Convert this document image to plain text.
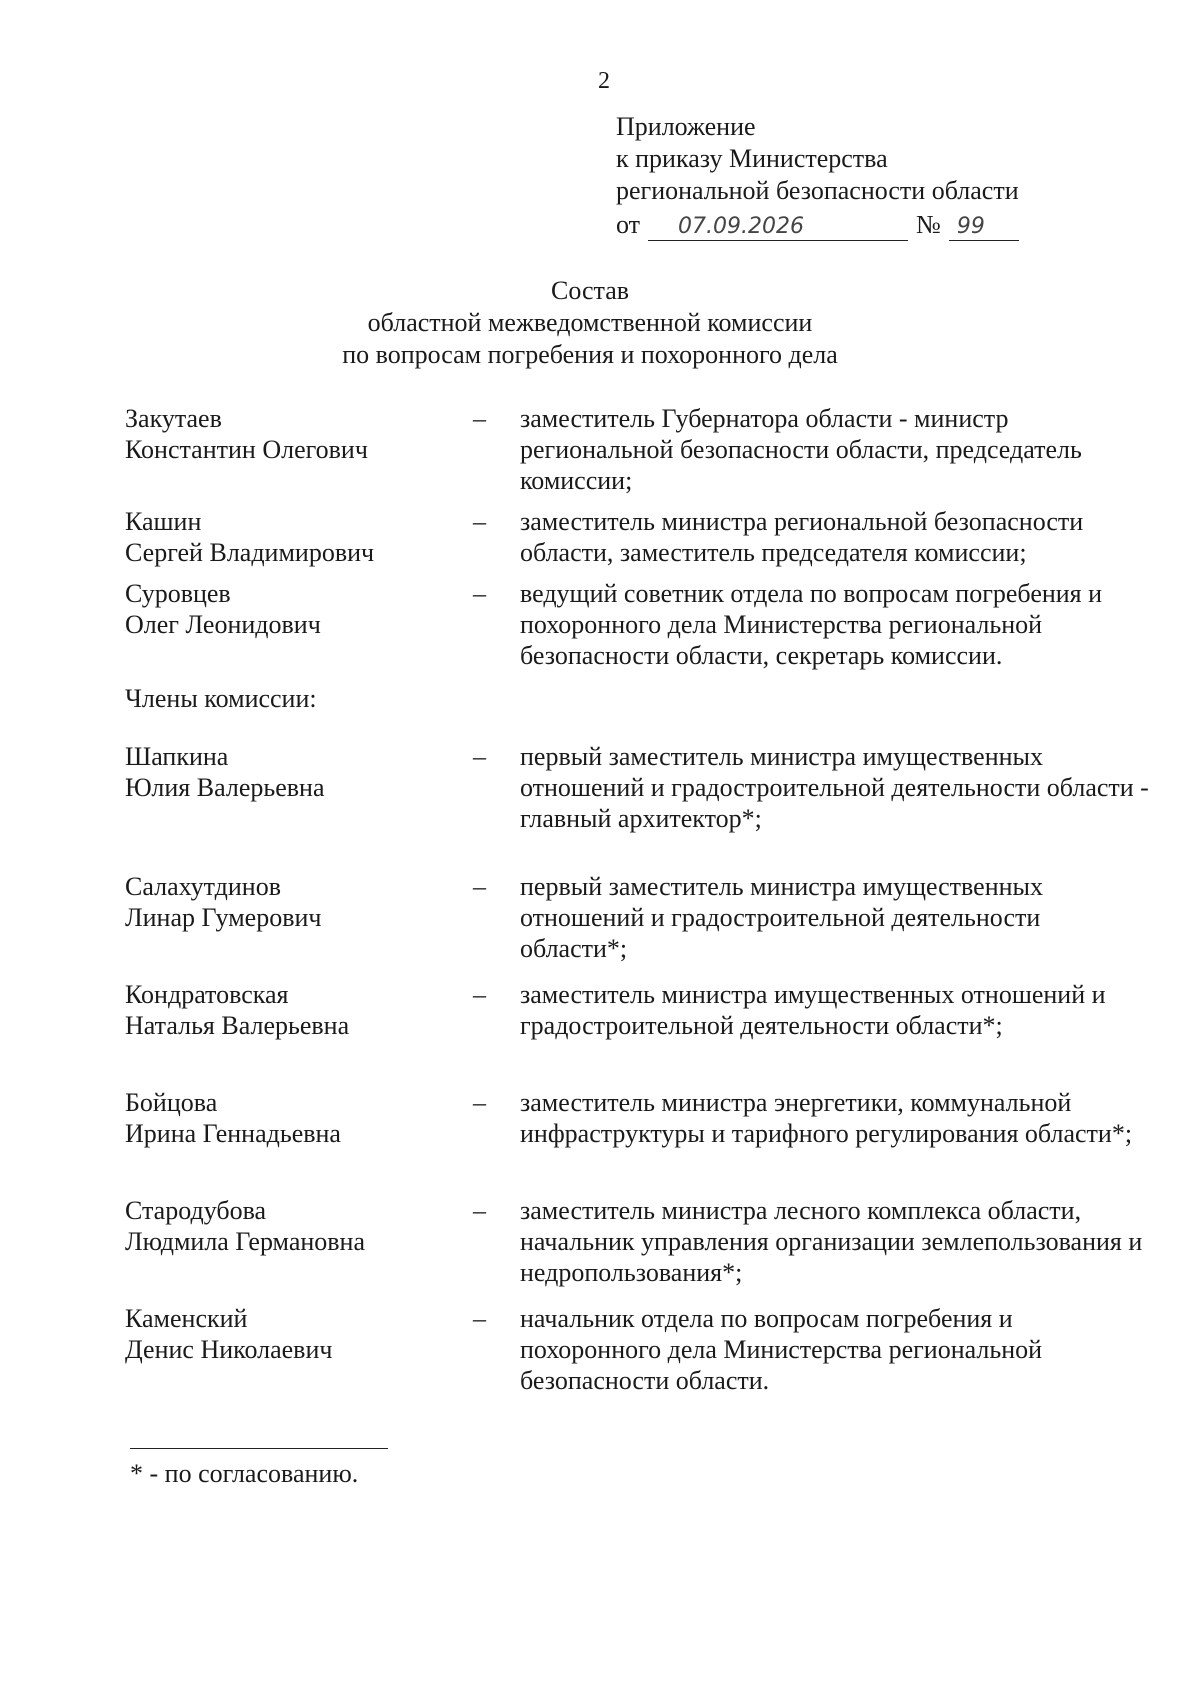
2
Приложение
к приказу Министерства
региональной безопасности области
от 07.09.2026	№ 99
Состав
областной межведомственной комиссии
по вопросам погребения и похоронного дела
Закутаев
Константин Олегович
– заместитель Губернатора области - министр региональной безопасности области, председатель комиссии;
Кашин
Сергей Владимирович
– заместитель министра региональной безопасности области, заместитель председателя комиссии;
Суровцев
Олег Леонидович
– ведущий советник отдела по вопросам погребения и похоронного дела Министерства региональной безопасности области, секретарь комиссии.
Члены комиссии:
Шапкина
Юлия Валерьевна
– первый заместитель министра имущественных отношений и градостроительной деятельности области - главный архитектор*;
Салахутдинов
Линар Гумерович
– первый заместитель министра имущественных отношений и градостроительной деятельности области*;
Кондратовская
Наталья Валерьевна
– заместитель министра имущественных отношений и градостроительной деятельности области*;
Бойцова
Ирина Геннадьевна
– заместитель министра энергетики, коммунальной инфраструктуры и тарифного регулирования области*;
Стародубова
Людмила Германовна
– заместитель министра лесного комплекса области, начальник управления организации землепользования и недропользования*;
Каменский
Денис Николаевич
– начальник отдела по вопросам погребения и похоронного дела Министерства региональной безопасности области.
* - по согласованию.
